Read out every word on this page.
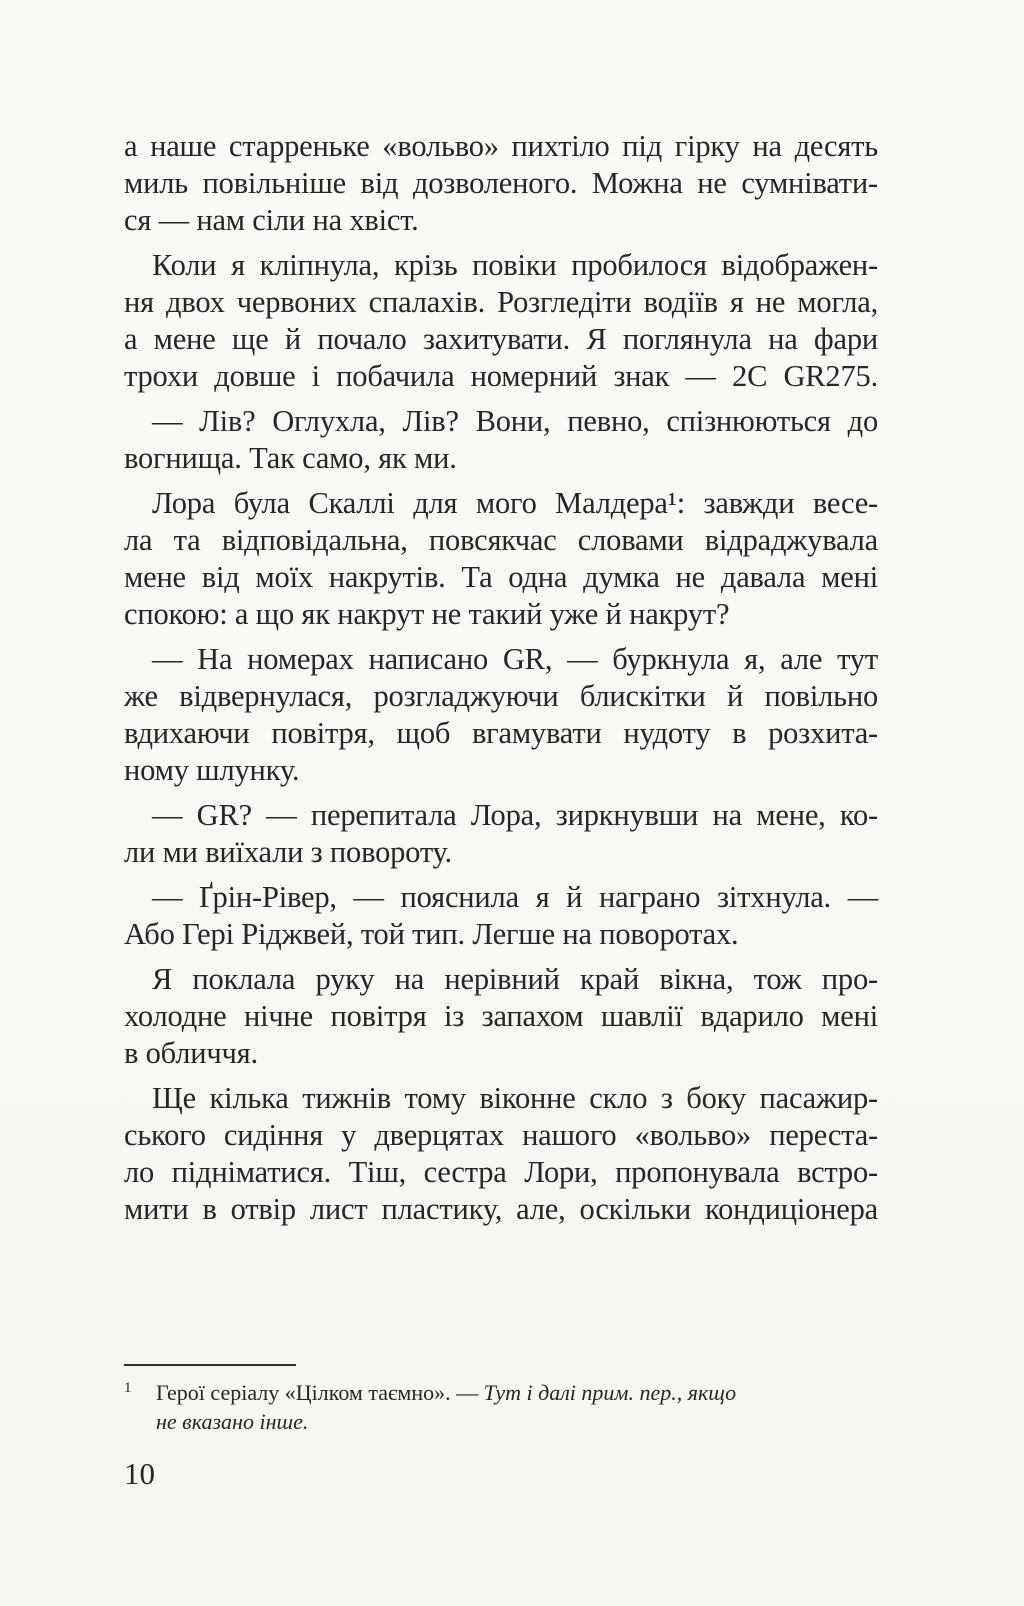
а наше старреньке «вольво» пихтіло під гірку на десять
миль повільніше від дозволеного. Можна не сумнівати-
ся — нам сіли на хвіст.
Коли я кліпнула, крізь повіки пробилося відображен-
ня двох червоних спалахів. Розгледіти водіїв я не могла,
а мене ще й почало захитувати. Я поглянула на фари
трохи довше і побачила номерний знак — 2C GR275.
— Лів? Оглухла, Лів? Вони, певно, спізнюються до
вогнища. Так само, як ми.
Лора була Скаллі для мого Малдера¹: завжди весе-
ла та відповідальна, повсякчас словами відраджувала
мене від моїх накрутів. Та одна думка не давала мені
спокою: а що як накрут не такий уже й накрут?
— На номерах написано GR, — буркнула я, але тут
же відвернулася, розгладжуючи блискітки й повільно
вдихаючи повітря, щоб вгамувати нудоту в розхита-
ному шлунку.
— GR? — перепитала Лора, зиркнувши на мене, ко-
ли ми виїхали з повороту.
— Ґрін-Рівер, — пояснила я й награно зітхнула. —
Або Гері Ріджвей, той тип. Легше на поворотах.
Я поклала руку на нерівний край вікна, тож про-
холодне нічне повітря із запахом шавлії вдарило мені
в обличчя.
Ще кілька тижнів тому віконне скло з боку пасажир-
ського сидіння у дверцятах нашого «вольво» переста-
ло підніматися. Тіш, сестра Лори, пропонувала встро-
мити в отвір лист пластику, але, оскільки кондиціонера
1 Герої серіалу «Цілком таємно». — Тут і далі прим. пер., якщо
не вказано інше.
10
